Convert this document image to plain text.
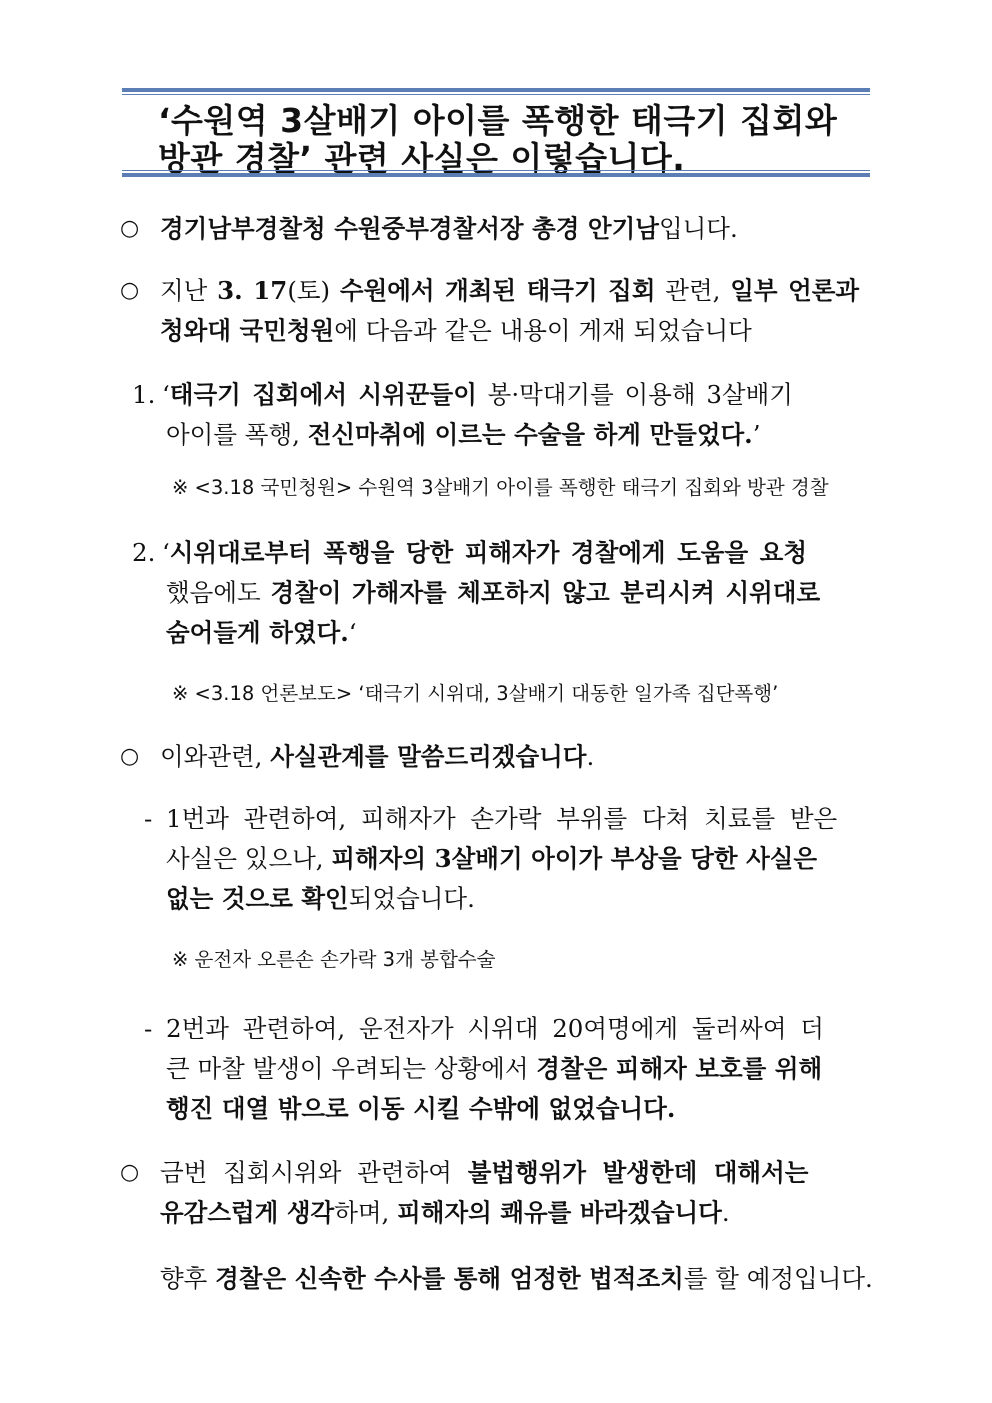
‘수원역 3살배기 아이를 폭행한 태극기 집회와
방관 경찰’ 관련 사실은 이렇습니다.
○ 경기남부경찰청 수원중부경찰서장 총경 안기남입니다.
○ 지난 3. 17(토) 수원에서 개최된 태극기 집회 관련, 일부 언론과
청와대 국민청원에 다음과 같은 내용이 게재 되었습니다
1. ‘태극기 집회에서 시위꾼들이 봉·막대기를 이용해 3살배기
아이를 폭행, 전신마취에 이르는 수술을 하게 만들었다.’
※ <3.18 국민청원> 수원역 3살배기 아이를 폭행한 태극기 집회와 방관 경찰
2. ‘시위대로부터 폭행을 당한 피해자가 경찰에게 도움을 요청
했음에도 경찰이 가해자를 체포하지 않고 분리시켜 시위대로
숨어들게 하였다.‘
※ <3.18 언론보도> ‘태극기 시위대, 3살배기 대동한 일가족 집단폭행’
○ 이와관련, 사실관계를 말씀드리겠습니다.
- 1번과 관련하여, 피해자가 손가락 부위를 다쳐 치료를 받은
사실은 있으나, 피해자의 3살배기 아이가 부상을 당한 사실은
없는 것으로 확인되었습니다.
※ 운전자 오른손 손가락 3개 봉합수술
- 2번과 관련하여, 운전자가 시위대 20여명에게 둘러싸여 더
큰 마찰 발생이 우려되는 상황에서 경찰은 피해자 보호를 위해
행진 대열 밖으로 이동 시킬 수밖에 없었습니다.
○ 금번 집회시위와 관련하여 불법행위가 발생한데 대해서는
유감스럽게 생각하며, 피해자의 쾌유를 바라겠습니다.
향후 경찰은 신속한 수사를 통해 엄정한 법적조치를 할 예정입니다.
